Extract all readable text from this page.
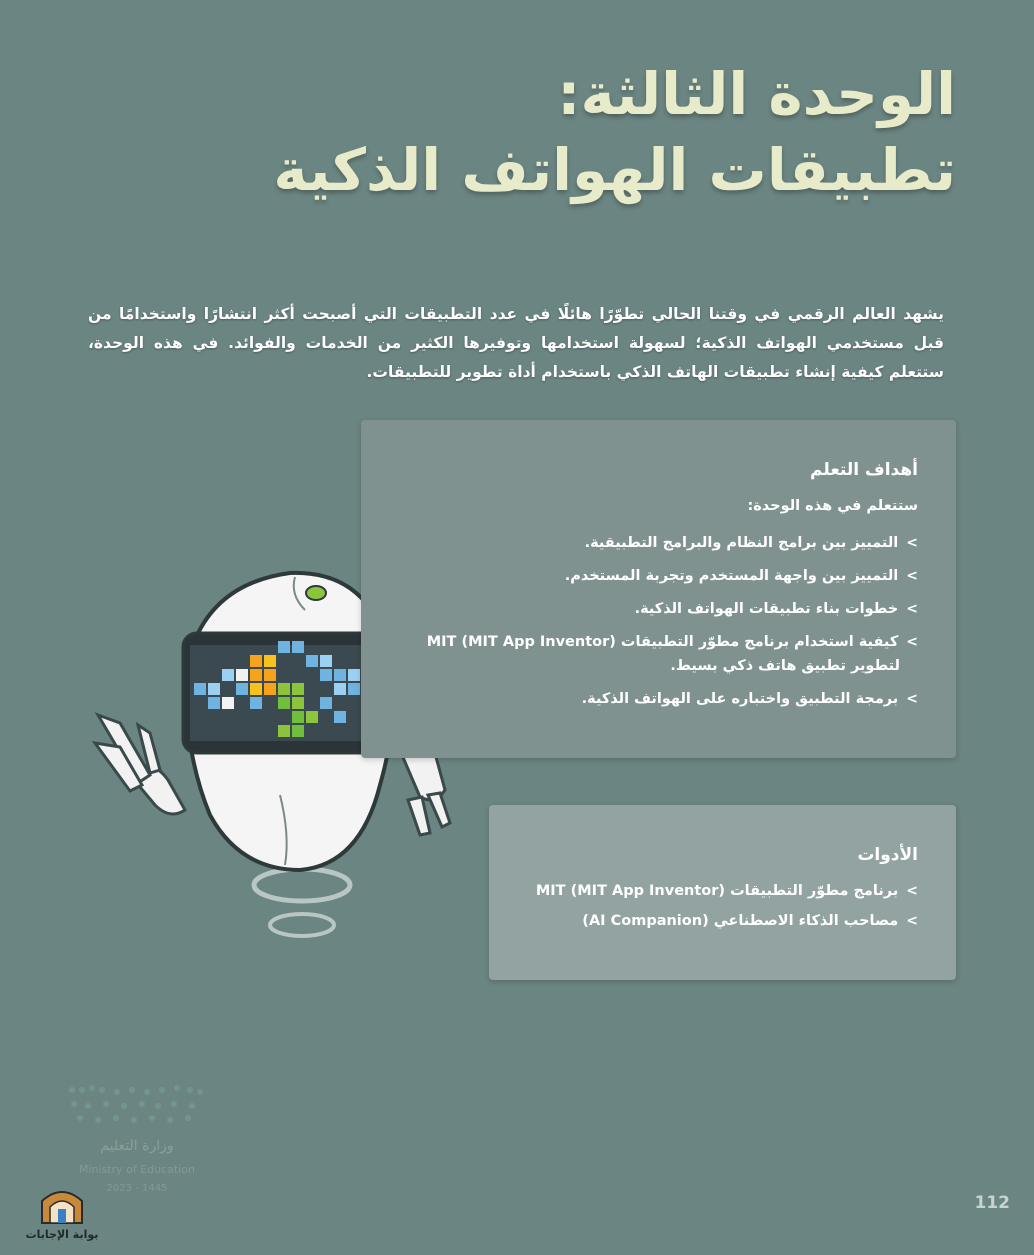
الوحدة الثالثة:
تطبيقات الهواتف الذكية

يشهد العالم الرقمي في وقتنا الحالي تطوّرًا هائلًا في عدد التطبيقات التي أصبحت أكثر انتشارًا واستخدامًا من قبل مستخدمي الهواتف الذكية؛ لسهولة استخدامها وتوفيرها الكثير من الخدمات والفوائد. في هذه الوحدة، ستتعلم كيفية إنشاء تطبيقات الهاتف الذكي باستخدام أداة تطوير للتطبيقات.

أهداف التعلم
ستتعلم في هذه الوحدة:
>التمييز بين برامج النظام والبرامج التطبيقية.
>التمييز بين واجهة المستخدم وتجربة المستخدم.
>خطوات بناء تطبيقات الهواتف الذكية.
>كيفية استخدام برنامج مطوّر التطبيقات MIT (MIT App Inventor)
لتطوير تطبيق هاتف ذكي بسيط.
>برمجة التطبيق واختباره على الهواتف الذكية.
الأدوات
>برنامج مطوّر التطبيقات MIT (MIT App Inventor)
>مصاحب الذكاء الاصطناعي (AI Companion)
وزارة التعليم
Ministry of Education
2023 - 1445
بوابة الإجابات
112
